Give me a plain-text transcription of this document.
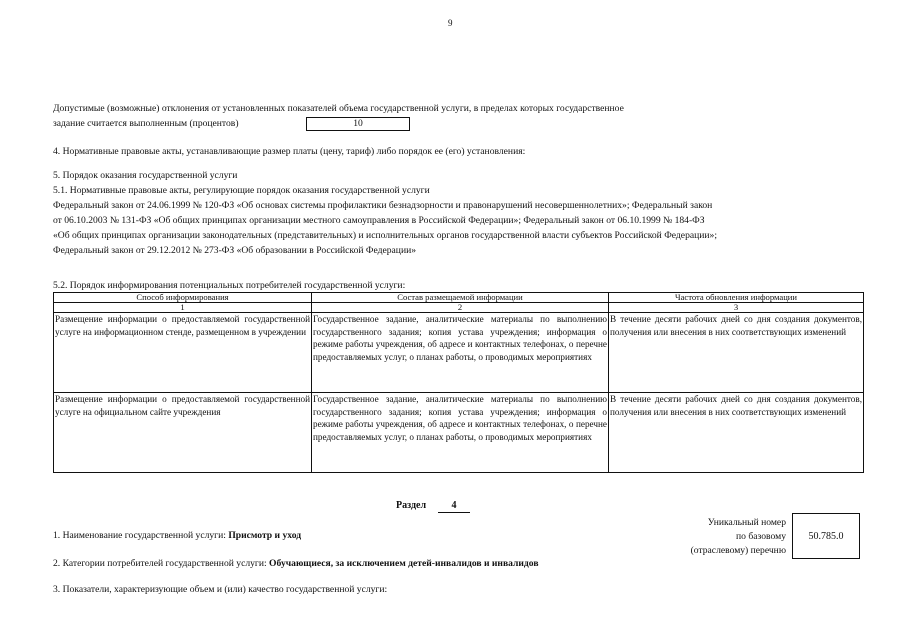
9
Допустимые (возможные) отклонения от установленных показателей объема государственной услуги, в пределах которых государственное
задание считается выполненным (процентов)	10
4. Нормативные правовые акты, устанавливающие размер платы (цену, тариф) либо порядок ее (его) установления:
5. Порядок оказания государственной услуги
5.1. Нормативные правовые акты, регулирующие порядок оказания государственной услуги
Федеральный закон от 24.06.1999 № 120-ФЗ «Об основах системы профилактики безнадзорности и правонарушений несовершеннолетних»; Федеральный закон
от 06.10.2003 № 131-ФЗ «Об общих принципах организации местного самоуправления в Российской Федерации»; Федеральный закон от 06.10.1999 № 184-ФЗ
«Об общих принципах организации законодательных (представительных) и исполнительных органов государственной власти субъектов Российской Федерации»;
Федеральный закон от 29.12.2012 № 273-ФЗ «Об образовании в Российской Федерации»
5.2. Порядок информирования потенциальных потребителей государственной услуги:
Способ информирования	Состав размещаемой информации	Частота обновления информации
1	2	3
Размещение информации о предоставляемой государственной услуге на информационном стенде, размещенном в учреждении	Государственное задание, аналитические материалы по выполнению государственного задания; копия устава учреждения; информация о режиме работы учреждения, об адресе и контактных телефонах, о перечне предоставляемых услуг, о планах работы, о проводимых мероприятиях	В течение десяти рабочих дней со дня создания документов, получения или внесения в них соответствующих изменений
Размещение информации о предоставляемой государственной услуге на официальном сайте учреждения	Государственное задание, аналитические материалы по выполнению государственного задания; копия устава учреждения; информация о режиме работы учреждения, об адресе и контактных телефонах, о перечне предоставляемых услуг, о планах работы, о проводимых мероприятиях	В течение десяти рабочих дней со дня создания документов, получения или внесения в них соответствующих изменений
Раздел	4
Уникальный номер
по базовому
(отраслевому) перечню
50.785.0
1. Наименование государственной услуги: Присмотр и уход
2. Категории потребителей государственной услуги: Обучающиеся, за исключением детей-инвалидов и инвалидов
3. Показатели, характеризующие объем и (или) качество государственной услуги:
